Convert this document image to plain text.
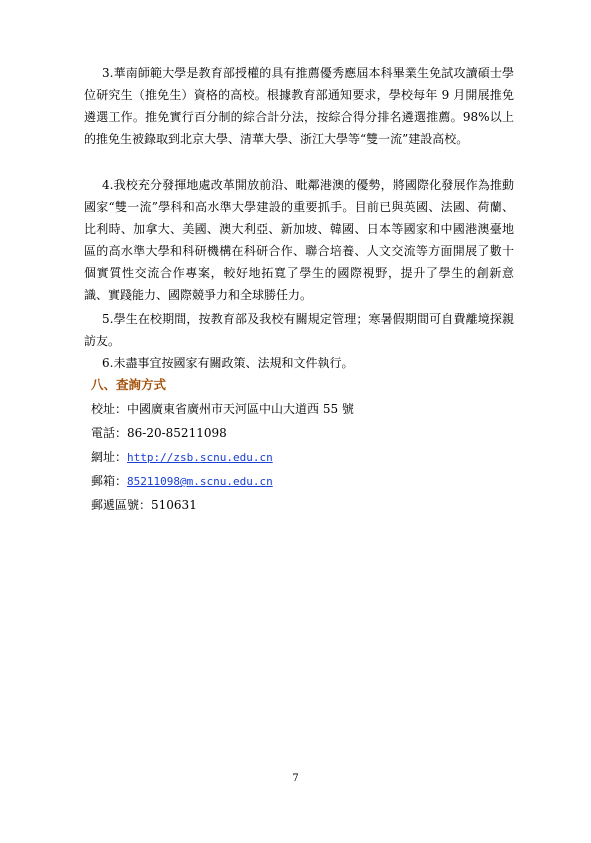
3.華南師範大學是教育部授權的具有推薦優秀應屆本科畢業生免試攻讀碩士學位研究生（推免生）資格的高校。根據教育部通知要求，學校每年 9 月開展推免遴選工作。推免實行百分制的綜合計分法，按綜合得分排名遴選推薦。98%以上的推免生被錄取到北京大學、清華大學、浙江大學等“雙一流”建設高校。

4.我校充分發揮地處改革開放前沿、毗鄰港澳的優勢，將國際化發展作為推動國家“雙一流”學科和高水準大學建設的重要抓手。目前已與英國、法國、荷蘭、比利時、加拿大、美國、澳大利亞、新加坡、韓國、日本等國家和中國港澳臺地區的高水準大學和科研機構在科研合作、聯合培養、人文交流等方面開展了數十個實質性交流合作專案，較好地拓寬了學生的國際視野，提升了學生的創新意識、實踐能力、國際競爭力和全球勝任力。

5.學生在校期間，按教育部及我校有關規定管理；寒暑假期間可自費離境探親訪友。

6.未盡事宜按國家有關政策、法規和文件執行。

八、查詢方式

校址：中國廣東省廣州市天河區中山大道西 55 號

電話：86-20-85211098

網址：http://zsb.scnu.edu.cn

郵箱：85211098@m.scnu.edu.cn

郵遞區號：510631

7
